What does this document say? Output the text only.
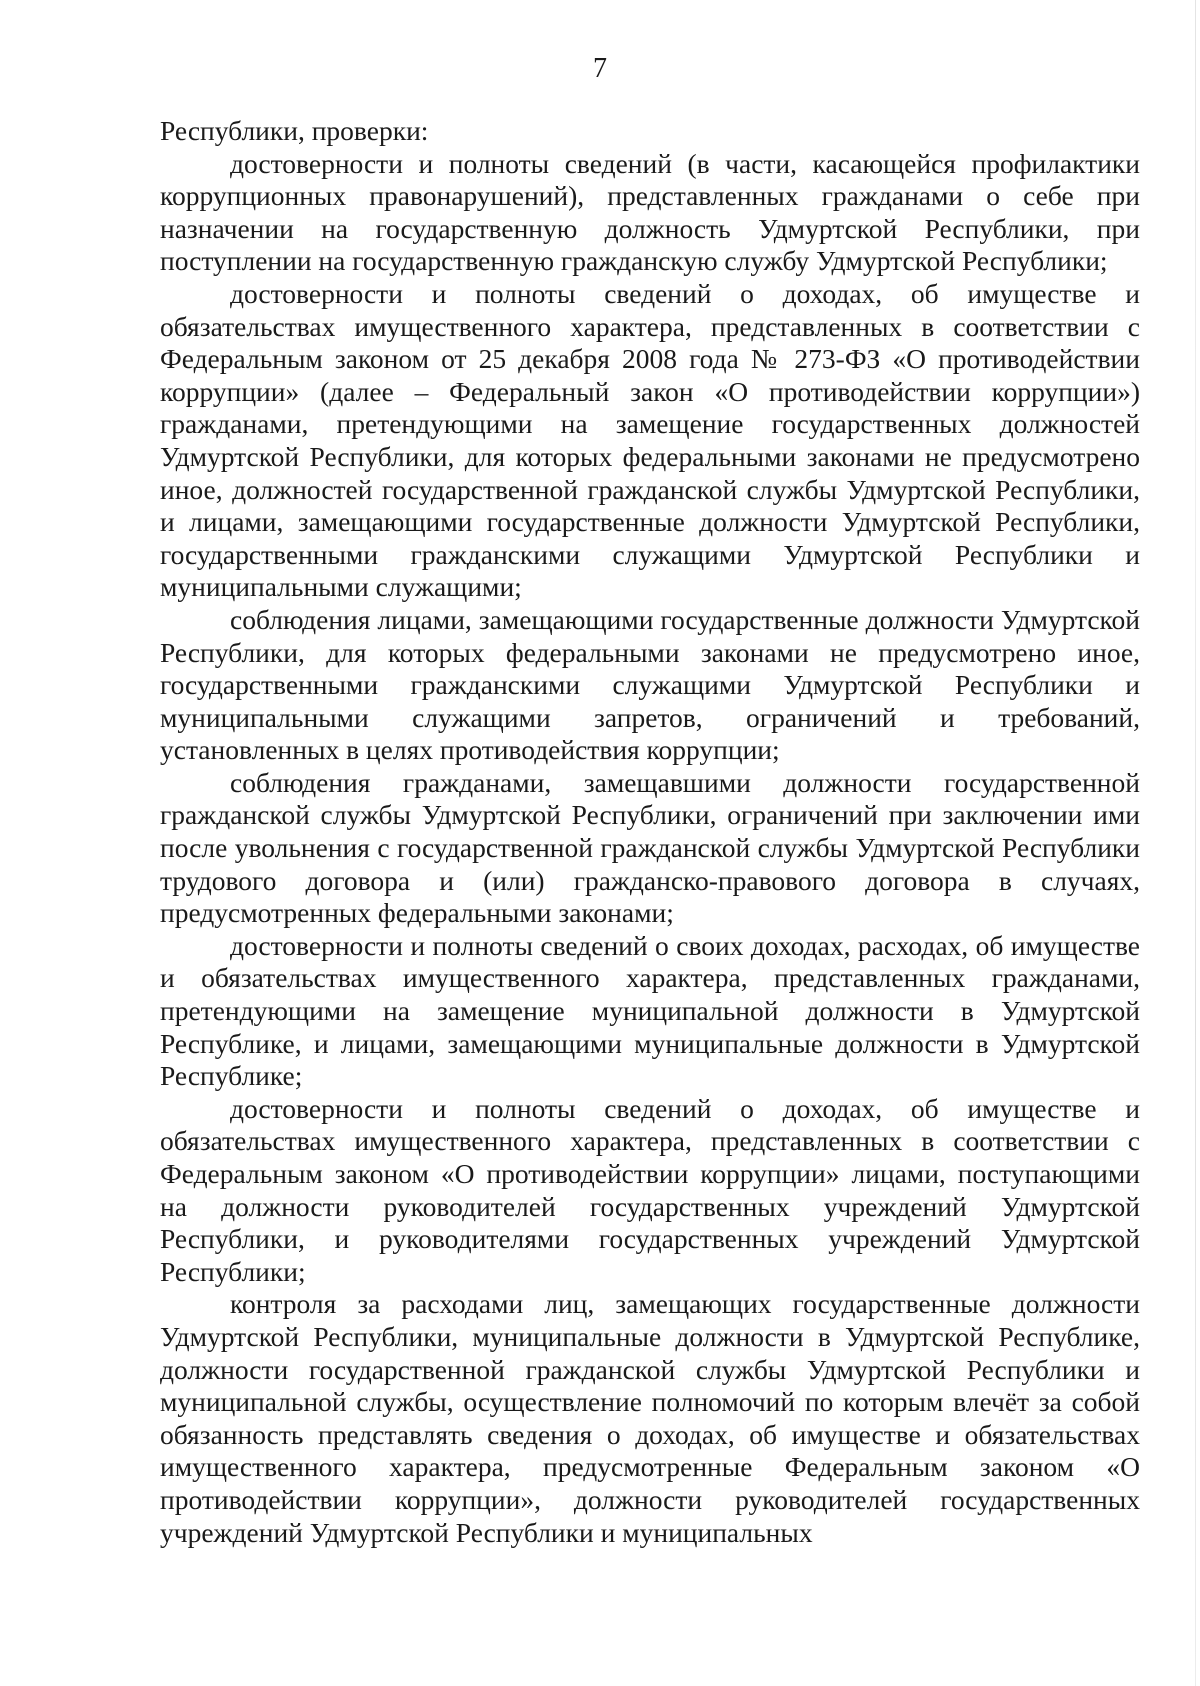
7

Республики, проверки:

достоверности и полноты сведений (в части, касающейся профилактики коррупционных правонарушений), представленных гражданами о себе при назначении на государственную должность Удмуртской Республики, при поступлении на государственную гражданскую службу Удмуртской Республики;

достоверности и полноты сведений о доходах, об имуществе и обязательствах имущественного характера, представленных в соответствии с Федеральным законом от 25 декабря 2008 года № 273-ФЗ «О противодействии коррупции» (далее – Федеральный закон «О противодействии коррупции») гражданами, претендующими на замещение государственных должностей Удмуртской Республики, для которых федеральными законами не предусмотрено иное, должностей государственной гражданской службы Удмуртской Республики, и лицами, замещающими государственные должности Удмуртской Республики, государственными гражданскими служащими Удмуртской Республики и муниципальными служащими;

соблюдения лицами, замещающими государственные должности Удмуртской Республики, для которых федеральными законами не предусмотрено иное, государственными гражданскими служащими Удмуртской Республики и муниципальными служащими запретов, ограничений и требований, установленных в целях противодействия коррупции;

соблюдения гражданами, замещавшими должности государственной гражданской службы Удмуртской Республики, ограничений при заключении ими после увольнения с государственной гражданской службы Удмуртской Республики трудового договора и (или) гражданско-правового договора в случаях, предусмотренных федеральными законами;

достоверности и полноты сведений о своих доходах, расходах, об имуществе и обязательствах имущественного характера, представленных гражданами, претендующими на замещение муниципальной должности в Удмуртской Республике, и лицами, замещающими муниципальные должности в Удмуртской Республике;

достоверности и полноты сведений о доходах, об имуществе и обязательствах имущественного характера, представленных в соответствии с Федеральным законом «О противодействии коррупции» лицами, поступающими на должности руководителей государственных учреждений Удмуртской Республики, и руководителями государственных учреждений Удмуртской Республики;

контроля за расходами лиц, замещающих государственные должности Удмуртской Республики, муниципальные должности в Удмуртской Республике, должности государственной гражданской службы Удмуртской Республики и муниципальной службы, осуществление полномочий по которым влечёт за собой обязанность представлять сведения о доходах, об имуществе и обязательствах имущественного характера, предусмотренные Федеральным законом «О противодействии коррупции», должности руководителей государственных учреждений Удмуртской Республики и муниципальных
